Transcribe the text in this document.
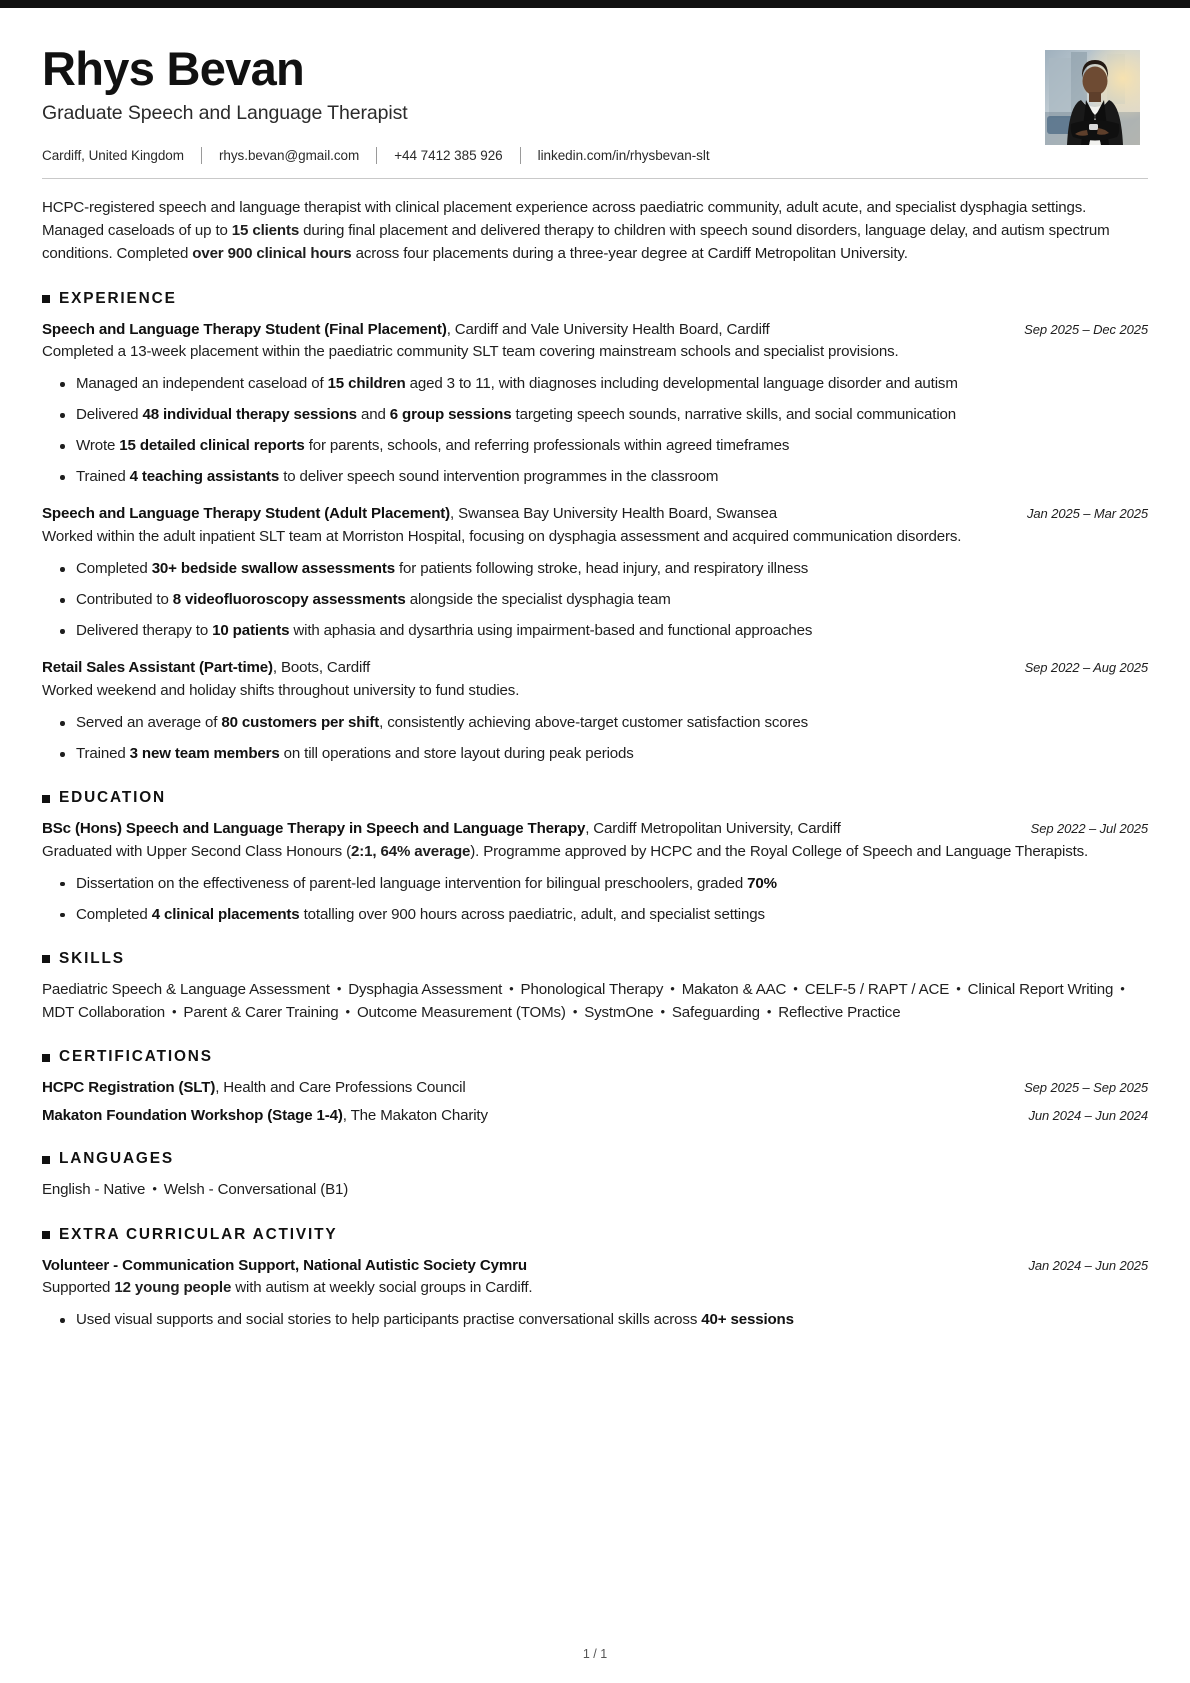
Rhys Bevan
Graduate Speech and Language Therapist
Cardiff, United Kingdom	rhys.bevan@gmail.com	+44 7412 385 926	linkedin.com/in/rhysbevan-slt
HCPC-registered speech and language therapist with clinical placement experience across paediatric community, adult acute, and specialist dysphagia settings. Managed caseloads of up to 15 clients during final placement and delivered therapy to children with speech sound disorders, language delay, and autism spectrum conditions. Completed over 900 clinical hours across four placements during a three-year degree at Cardiff Metropolitan University.
EXPERIENCE
Speech and Language Therapy Student (Final Placement), Cardiff and Vale University Health Board, Cardiff	Sep 2025 – Dec 2025
Completed a 13-week placement within the paediatric community SLT team covering mainstream schools and specialist provisions.
Managed an independent caseload of 15 children aged 3 to 11, with diagnoses including developmental language disorder and autism
Delivered 48 individual therapy sessions and 6 group sessions targeting speech sounds, narrative skills, and social communication
Wrote 15 detailed clinical reports for parents, schools, and referring professionals within agreed timeframes
Trained 4 teaching assistants to deliver speech sound intervention programmes in the classroom
Speech and Language Therapy Student (Adult Placement), Swansea Bay University Health Board, Swansea	Jan 2025 – Mar 2025
Worked within the adult inpatient SLT team at Morriston Hospital, focusing on dysphagia assessment and acquired communication disorders.
Completed 30+ bedside swallow assessments for patients following stroke, head injury, and respiratory illness
Contributed to 8 videofluoroscopy assessments alongside the specialist dysphagia team
Delivered therapy to 10 patients with aphasia and dysarthria using impairment-based and functional approaches
Retail Sales Assistant (Part-time), Boots, Cardiff	Sep 2022 – Aug 2025
Worked weekend and holiday shifts throughout university to fund studies.
Served an average of 80 customers per shift, consistently achieving above-target customer satisfaction scores
Trained 3 new team members on till operations and store layout during peak periods
EDUCATION
BSc (Hons) Speech and Language Therapy in Speech and Language Therapy, Cardiff Metropolitan University, Cardiff	Sep 2022 – Jul 2025
Graduated with Upper Second Class Honours (2:1, 64% average). Programme approved by HCPC and the Royal College of Speech and Language Therapists.
Dissertation on the effectiveness of parent-led language intervention for bilingual preschoolers, graded 70%
Completed 4 clinical placements totalling over 900 hours across paediatric, adult, and specialist settings
SKILLS
Paediatric Speech & Language Assessment • Dysphagia Assessment • Phonological Therapy • Makaton & AAC • CELF-5 / RAPT / ACE • Clinical Report Writing •MDT Collaboration • Parent & Carer Training • Outcome Measurement (TOMs) • SystmOne • Safeguarding • Reflective Practice
CERTIFICATIONS
HCPC Registration (SLT), Health and Care Professions Council	Sep 2025 – Sep 2025
Makaton Foundation Workshop (Stage 1-4), The Makaton Charity	Jun 2024 – Jun 2024
LANGUAGES
English - Native • Welsh - Conversational (B1)
EXTRA CURRICULAR ACTIVITY
Volunteer - Communication Support, National Autistic Society Cymru	Jan 2024 – Jun 2025
Supported 12 young people with autism at weekly social groups in Cardiff.
Used visual supports and social stories to help participants practise conversational skills across 40+ sessions
1 / 1
